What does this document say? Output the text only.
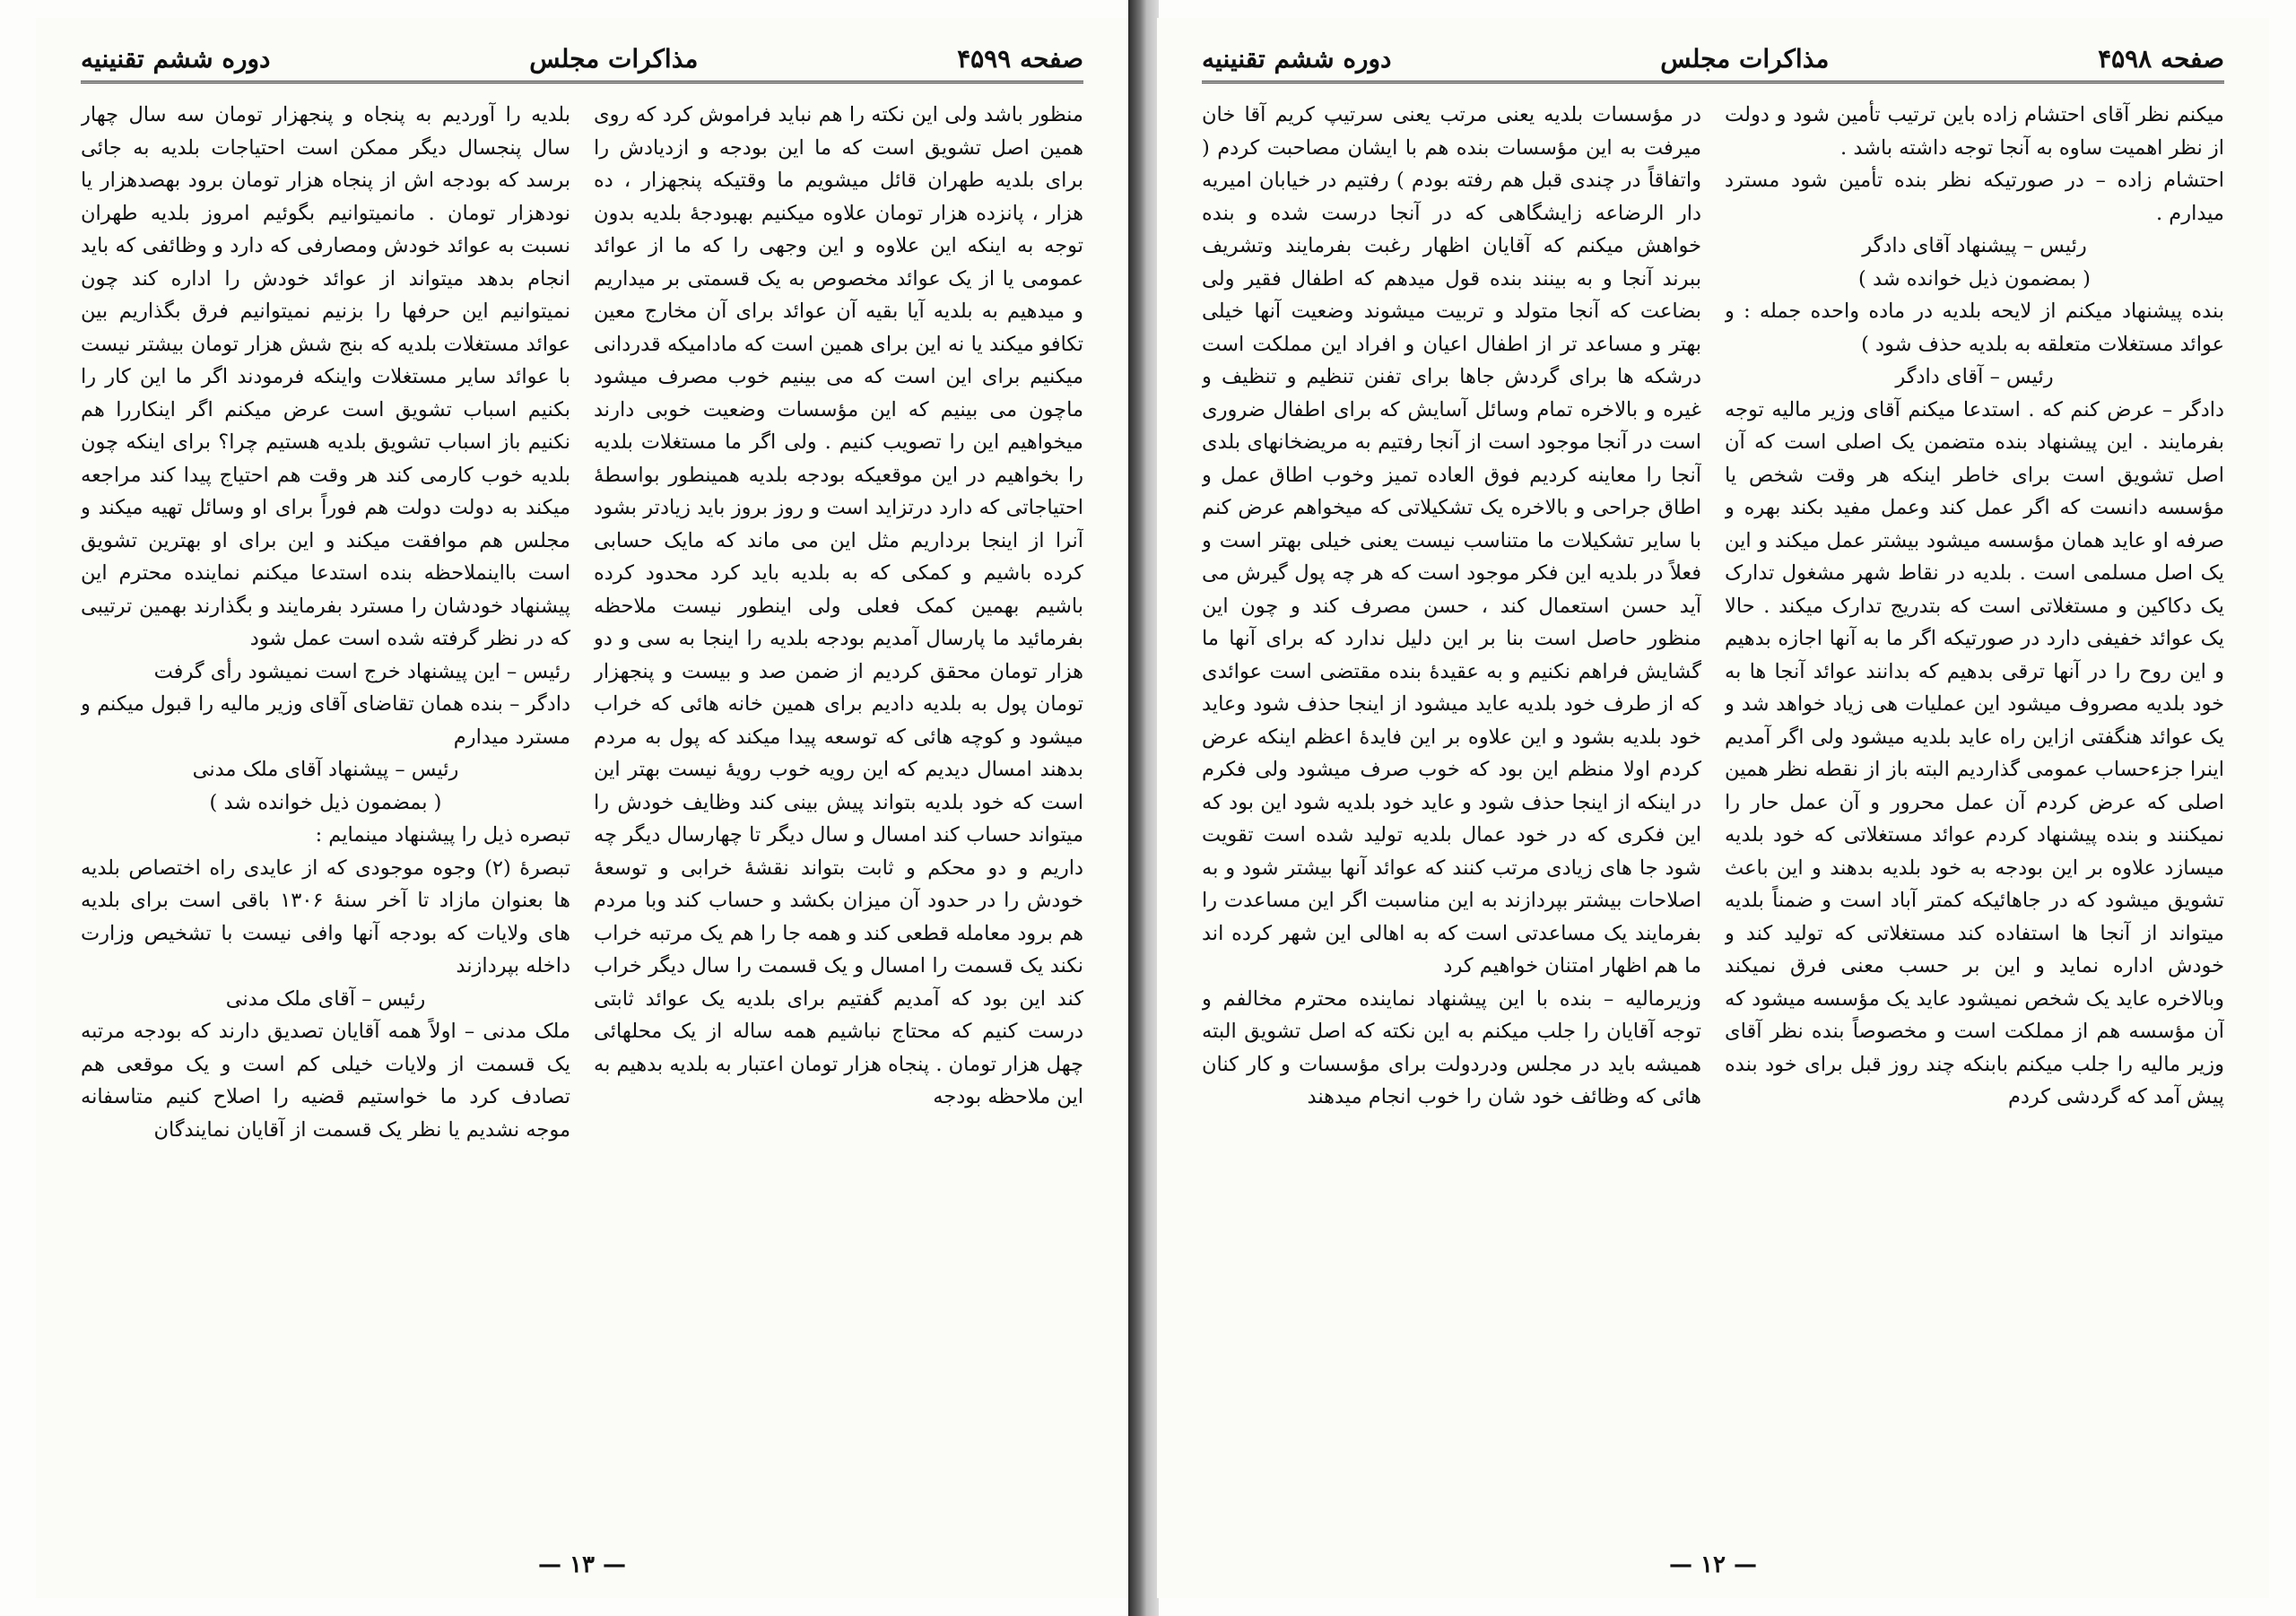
دوره ششم تقنینیه	مذاکرات مجلس	صفحه ۴۵۹۹

منظور باشد ولی این نکته را هم نباید فراموش کرد که روی همین اصل تشویق است که ما این بودجه و ازدیادش را برای بلدیه طهران قائل میشویم ما وقتیکه پنجهزار ، ده هزار ، پانزده هزار تومان علاوه میکنیم بهبودجهٔ بلدیه بدون توجه به اینکه این علاوه و این وجهی را که ما از عوائد عمومی یا از یک عوائد مخصوص به یک قسمتی بر میداریم و میدهیم به بلدیه آیا بقیه آن عوائد برای آن مخارج معین تکافو میکند یا نه این برای همین است که مادامیکه قدردانی میکنیم برای این است که می بینیم خوب مصرف میشود ماچون می بینیم که این مؤسسات وضعیت خوبی دارند میخواهیم این را تصویب کنیم . ولی اگر ما مستغلات بلدیه را بخواهیم در این موقعیکه بودجه بلدیه همینطور بواسطهٔ احتیاجاتی که دارد درتزاید است و روز بروز باید زیادتر بشود آنرا از اینجا برداریم مثل این می ماند که مایک حسابی کرده باشیم و کمکی که به بلدیه باید کرد محدود کرده باشیم بهمین کمک فعلی ولی اینطور نیست ملاحظه بفرمائید ما پارسال آمدیم بودجه بلدیه را اینجا به سی و دو هزار تومان محقق کردیم از ضمن صد و بیست و پنجهزار تومان پول به بلدیه دادیم برای همین خانه هائی که خراب میشود و کوچه هائی که توسعه پیدا میکند که پول به مردم بدهند امسال دیدیم که این رویه خوب رویهٔ نیست بهتر این است که خود بلدیه بتواند پیش بینی کند وظایف خودش را میتواند حساب کند امسال و سال دیگر تا چهارسال دیگر چه داریم و دو محکم و ثابت بتواند نقشهٔ خرابی و توسعهٔ خودش را در حدود آن میزان بکشد و حساب کند وبا مردم هم برود معامله قطعی کند و همه جا را هم یک مرتبه خراب نکند یک قسمت را امسال و یک قسمت را سال دیگر خراب کند این بود که آمدیم گفتیم برای بلدیه یک عوائد ثابتی درست کنیم که محتاج نباشیم همه ساله از یک محلهائی چهل هزار تومان . پنجاه هزار تومان اعتبار به بلدیه بدهیم به این ملاحظه بودجه

بلدیه را آوردیم به پنجاه و پنجهزار تومان سه سال چهار سال پنجسال دیگر ممکن است احتیاجات بلدیه به جائی برسد که بودجه اش از پنجاه هزار تومان برود بهصدهزار یا نودهزار تومان . مانمیتوانیم بگوئیم امروز بلدیه طهران نسبت به عوائد خودش ومصارفی که دارد و وظائفی که باید انجام بدهد میتواند از عوائد خودش را اداره کند چون نمیتوانیم این حرفها را بزنیم نمیتوانیم فرق بگذاریم بین عوائد مستغلات بلدیه که بنج شش هزار تومان بیشتر نیست با عوائد سایر مستغلات واینکه فرمودند اگر ما این کار را بکنیم اسباب تشویق است عرض میکنم اگر اینکاررا هم نکنیم باز اسباب تشویق بلدیه هستیم چرا؟ برای اینکه چون بلدیه خوب کارمی کند هر وقت هم احتیاج پیدا کند مراجعه میکند به دولت دولت هم فوراً برای او وسائل تهیه میکند و مجلس هم موافقت میکند و این برای او بهترین تشویق است بااینملاحظه بنده استدعا میکنم نماینده محترم این پیشنهاد خودشان را مسترد بفرمایند و بگذارند بهمین ترتیبی که در نظر گرفته شده است عمل شود

رئیس – این پیشنهاد خرج است نمیشود رأی گرفت

دادگر – بنده همان تقاضای آقای وزیر مالیه را قبول میکنم و مسترد میدارم

رئیس – پیشنهاد آقای ملک مدنی

( بمضمون ذیل خوانده شد )

تبصره ذیل را پیشنهاد مینمایم :

تبصرهٔ (۲) وجوه موجودی که از عایدی راه اختصاص بلدیه ها بعنوان مازاد تا آخر سنهٔ ۱۳۰۶ باقی است برای بلدیه های ولایات که بودجه آنها وافی نیست با تشخیص وزارت داخله بپردازند

رئیس – آقای ملک مدنی

ملک مدنی – اولاً همه آقایان تصدیق دارند که بودجه مرتبه یک قسمت از ولایات خیلی کم است و یک موقعی هم تصادف کرد ما خواستیم قضیه را اصلاح کنیم متاسفانه موجه نشدیم یا نظر یک قسمت از آقایان نمایندگان

— ۱۳ —
دوره ششم تقنینیه	مذاکرات مجلس	صفحه ۴۵۹۸

میکنم نظر آقای احتشام زاده باین ترتیب تأمین شود و دولت از نظر اهمیت ساوه به آنجا توجه داشته باشد .

احتشام زاده – در صورتیکه نظر بنده تأمین شود مسترد میدارم .

رئیس – پیشنهاد آقای دادگر

( بمضمون ذیل خوانده شد )

بنده پیشنهاد میکنم از لایحه بلدیه در ماده واحده جمله : و عوائد مستغلات متعلقه به بلدیه حذف شود )

رئیس – آقای دادگر

دادگر – عرض کنم که . استدعا میکنم آقای وزیر مالیه توجه بفرمایند . این پیشنهاد بنده متضمن یک اصلی است که آن اصل تشویق است برای خاطر اینکه هر وقت شخص یا مؤسسه دانست که اگر عمل کند وعمل مفید بکند بهره و صرفه او عاید همان مؤسسه میشود بیشتر عمل میکند و این یک اصل مسلمی است . بلدیه در نقاط شهر مشغول تدارک یک دکاکین و مستغلاتی است که بتدریج تدارک میکند . حالا یک عوائد خفیفی دارد در صورتیکه اگر ما به آنها اجازه بدهیم و این روح را در آنها ترقی بدهیم که بدانند عوائد آنجا ها به خود بلدیه مصروف میشود این عملیات هی زیاد خواهد شد و یک عوائد هنگفتی ازاین راه عاید بلدیه میشود ولی اگر آمدیم اینرا جزءحساب عمومی گذاردیم البته باز از نقطه نظر همین اصلی که عرض کردم آن عمل محرور و آن عمل حار را نمیکنند و بنده پیشنهاد کردم عوائد مستغلاتی که خود بلدیه میسازد علاوه بر این بودجه به خود بلدیه بدهند و این باعث تشویق میشود که در جاهائیکه کمتر آباد است و ضمناً بلدیه میتواند از آنجا ها استفاده کند مستغلاتی که تولید کند و خودش اداره نماید و این بر حسب معنی فرق نمیکند وبالاخره عاید یک شخص نمیشود عاید یک مؤسسه میشود که آن مؤسسه هم از مملکت است و مخصوصاً بنده نظر آقای وزیر مالیه را جلب میکنم بابنکه چند روز قبل برای خود بنده پیش آمد که گردشی کردم

در مؤسسات بلدیه یعنی مرتب یعنی سرتیپ کریم آقا خان میرفت به این مؤسسات بنده هم با ایشان مصاحبت کردم ( واتفاقاً در چندی قبل هم رفته بودم ) رفتیم در خیابان امیریه دار الرضاعه زایشگاهی که در آنجا درست شده و بنده خواهش میکنم که آقایان اظهار رغبت بفرمایند وتشریف ببرند آنجا و به بینند بنده قول میدهم که اطفال فقیر ولی بضاعت که آنجا متولد و تربیت میشوند وضعیت آنها خیلی بهتر و مساعد تر از اطفال اعیان و افراد این مملکت است درشکه ها برای گردش جاها برای تفنن تنظیم و تنظیف و غیره و بالاخره تمام وسائل آسایش که برای اطفال ضروری است در آنجا موجود است از آنجا رفتیم به مریضخانهای بلدی آنجا را معاینه کردیم فوق العاده تمیز وخوب اطاق عمل و اطاق جراحی و بالاخره یک تشکیلاتی که میخواهم عرض کنم با سایر تشکیلات ما متناسب نیست یعنی خیلی بهتر است و فعلاً در بلدیه این فکر موجود است که هر چه پول گیرش می آید حسن استعمال کند ، حسن مصرف کند و چون این منظور حاصل است بنا بر این دلیل ندارد که برای آنها ما گشایش فراهم نکنیم و به عقیدهٔ بنده مقتضی است عوائدی که از طرف خود بلدیه عاید میشود از اینجا حذف شود وعاید خود بلدیه بشود و این علاوه بر این فایدهٔ اعظم اینکه عرض کردم اولا منظم این بود که خوب صرف میشود ولی فکرم در اینکه از اینجا حذف شود و عاید خود بلدیه شود این بود که این فکری که در خود عمال بلدیه تولید شده است تقویت شود جا های زیادی مرتب کنند که عوائد آنها بیشتر شود و به اصلاحات بیشتر بپردازند به این مناسبت اگر این مساعدت را بفرمایند یک مساعدتی است که به اهالی این شهر کرده اند ما هم اظهار امتنان خواهیم کرد

وزیرمالیه – بنده با این پیشنهاد نماینده محترم مخالفم و توجه آقایان را جلب میکنم به این نکته که اصل تشویق البته همیشه باید در مجلس ودردولت برای مؤسسات و کار کنان هائی که وظائف خود شان را خوب انجام میدهند

— ۱۲ —
